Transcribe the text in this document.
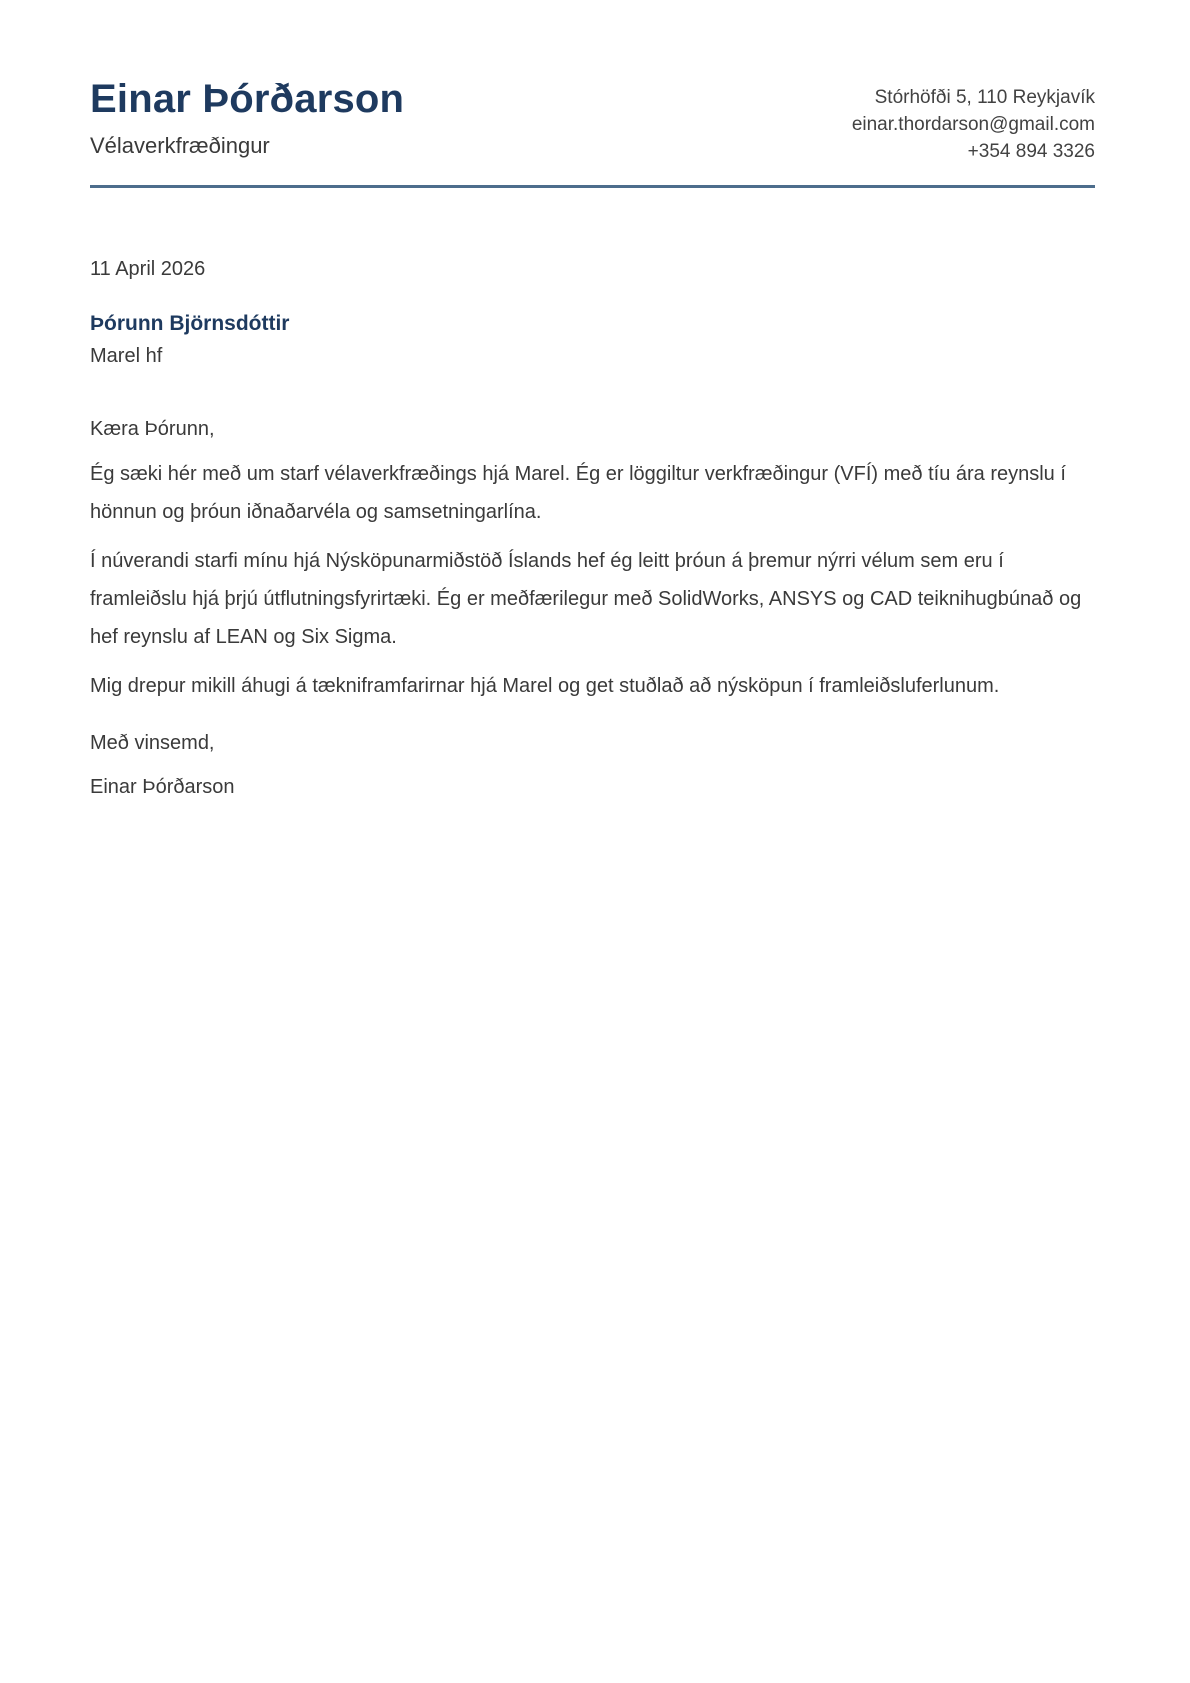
Einar Þórðarson
Vélaverkfræðingur
Stórhöfði 5, 110 Reykjavík
einar.thordarson@gmail.com
+354 894 3326
11 April 2026
Þórunn Björnsdóttir
Marel hf
Kæra Þórunn,

Ég sæki hér með um starf vélaverkfræðings hjá Marel. Ég er löggiltur verkfræðingur (VFÍ) með tíu ára reynslu í hönnun og þróun iðnaðarvéla og samsetningarlína.

Í núverandi starfi mínu hjá Nýsköpunarmiðstöð Íslands hef ég leitt þróun á þremur nýrri vélum sem eru í framleiðslu hjá þrjú útflutningsfyrirtæki. Ég er meðfærilegur með SolidWorks, ANSYS og CAD teiknihugbúnað og hef reynslu af LEAN og Six Sigma.

Mig drepur mikill áhugi á tækniframfarirnar hjá Marel og get stuðlað að nýsköpun í framleiðsluferlunum.

Með vinsemd,
Einar Þórðarson
